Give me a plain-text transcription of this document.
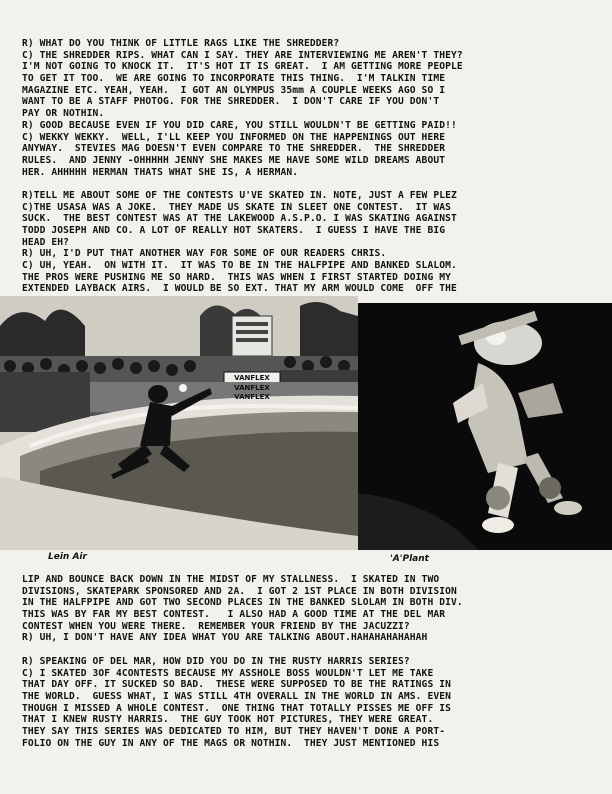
R) WHAT DO YOU THINK OF LITTLE RAGS LIKE THE SHREDDER?
C) THE SHREDDER RIPS. WHAT CAN I SAY. THEY ARE INTERVIEWING ME AREN'T THEY?
I'M NOT GOING TO KNOCK IT.  IT'S HOT IT IS GREAT.  I AM GETTING MORE PEOPLE
TO GET IT TOO.  WE ARE GOING TO INCORPORATE THIS THING.  I'M TALKIN TIME
MAGAZINE ETC. YEAH, YEAH.  I GOT AN OLYMPUS 35mm A COUPLE WEEKS AGO SO I
WANT TO BE A STAFF PHOTOG. FOR THE SHREDDER.  I DON'T CARE IF YOU DON'T
PAY OR NOTHIN.
R) GOOD BECAUSE EVEN IF YOU DID CARE, YOU STILL WOULDN'T BE GETTING PAID!!
C) WEKKY WEKKY.  WELL, I'LL KEEP YOU INFORMED ON THE HAPPENINGS OUT HERE
ANYWAY.  STEVIES MAG DOESN'T EVEN COMPARE TO THE SHREDDER.  THE SHREDDER
RULES.  AND JENNY -OHHHHH JENNY SHE MAKES ME HAVE SOME WILD DREAMS ABOUT
HER. AHHHHH HERMAN THATS WHAT SHE IS, A HERMAN.

R)TELL ME ABOUT SOME OF THE CONTESTS U'VE SKATED IN. NOTE, JUST A FEW PLEZ
C)THE USASA WAS A JOKE.  THEY MADE US SKATE IN SLEET ONE CONTEST.  IT WAS
SUCK.  THE BEST CONTEST WAS AT THE LAKEWOOD A.S.P.O. I WAS SKATING AGAINST
TODD JOSEPH AND CO. A LOT OF REALLY HOT SKATERS.  I GUESS I HAVE THE BIG
HEAD EH?
R) UH, I'D PUT THAT ANOTHER WAY FOR SOME OF OUR READERS CHRIS.
C) UH, YEAH.  ON WITH IT.  IT WAS TO BE IN THE HALFPIPE AND BANKED SLALOM.
THE PROS WERE PUSHING ME SO HARD.  THIS WAS WHEN I FIRST STARTED DOING MY
EXTENDED LAYBACK AIRS.  I WOULD BE SO EXT. THAT MY ARM WOULD COME  OFF THE
VANFLEX
VANFLEX
VANFLEX
Lein Air	'A'Plant
LIP AND BOUNCE BACK DOWN IN THE MIDST OF MY STALLNESS.  I SKATED IN TWO
DIVISIONS, SKATEPARK SPONSORED AND 2A.  I GOT 2 1ST PLACE IN BOTH DIVISION
IN THE HALFPIPE AND GOT TWO SECOND PLACES IN THE BANKED SLOLAM IN BOTH DIV.
THIS WAS BY FAR MY BEST CONTEST.   I ALSO HAD A GOOD TIME AT THE DEL MAR
CONTEST WHEN YOU WERE THERE.  REMEMBER YOUR FRIEND BY THE JACUZZI?
R) UH, I DON'T HAVE ANY IDEA WHAT YOU ARE TALKING ABOUT.HAHAHAHAHAHAH

R) SPEAKING OF DEL MAR, HOW DID YOU DO IN THE RUSTY HARRIS SERIES?
C) I SKATED 3OF 4CONTESTS BECAUSE MY ASSHOLE BOSS WOULDN'T LET ME TAKE
THAT DAY OFF. IT SUCKED SO BAD.  THESE WERE SUPPOSED TO BE THE RATINGS IN
THE WORLD.  GUESS WHAT, I WAS STILL 4TH OVERALL IN THE WORLD IN AMS. EVEN
THOUGH I MISSED A WHOLE CONTEST.  ONE THING THAT TOTALLY PISSES ME OFF IS
THAT I KNEW RUSTY HARRIS.  THE GUY TOOK HOT PICTURES, THEY WERE GREAT.
THEY SAY THIS SERIES WAS DEDICATED TO HIM, BUT THEY HAVEN'T DONE A PORT-
FOLIO ON THE GUY IN ANY OF THE MAGS OR NOTHIN.  THEY JUST MENTIONED HIS
